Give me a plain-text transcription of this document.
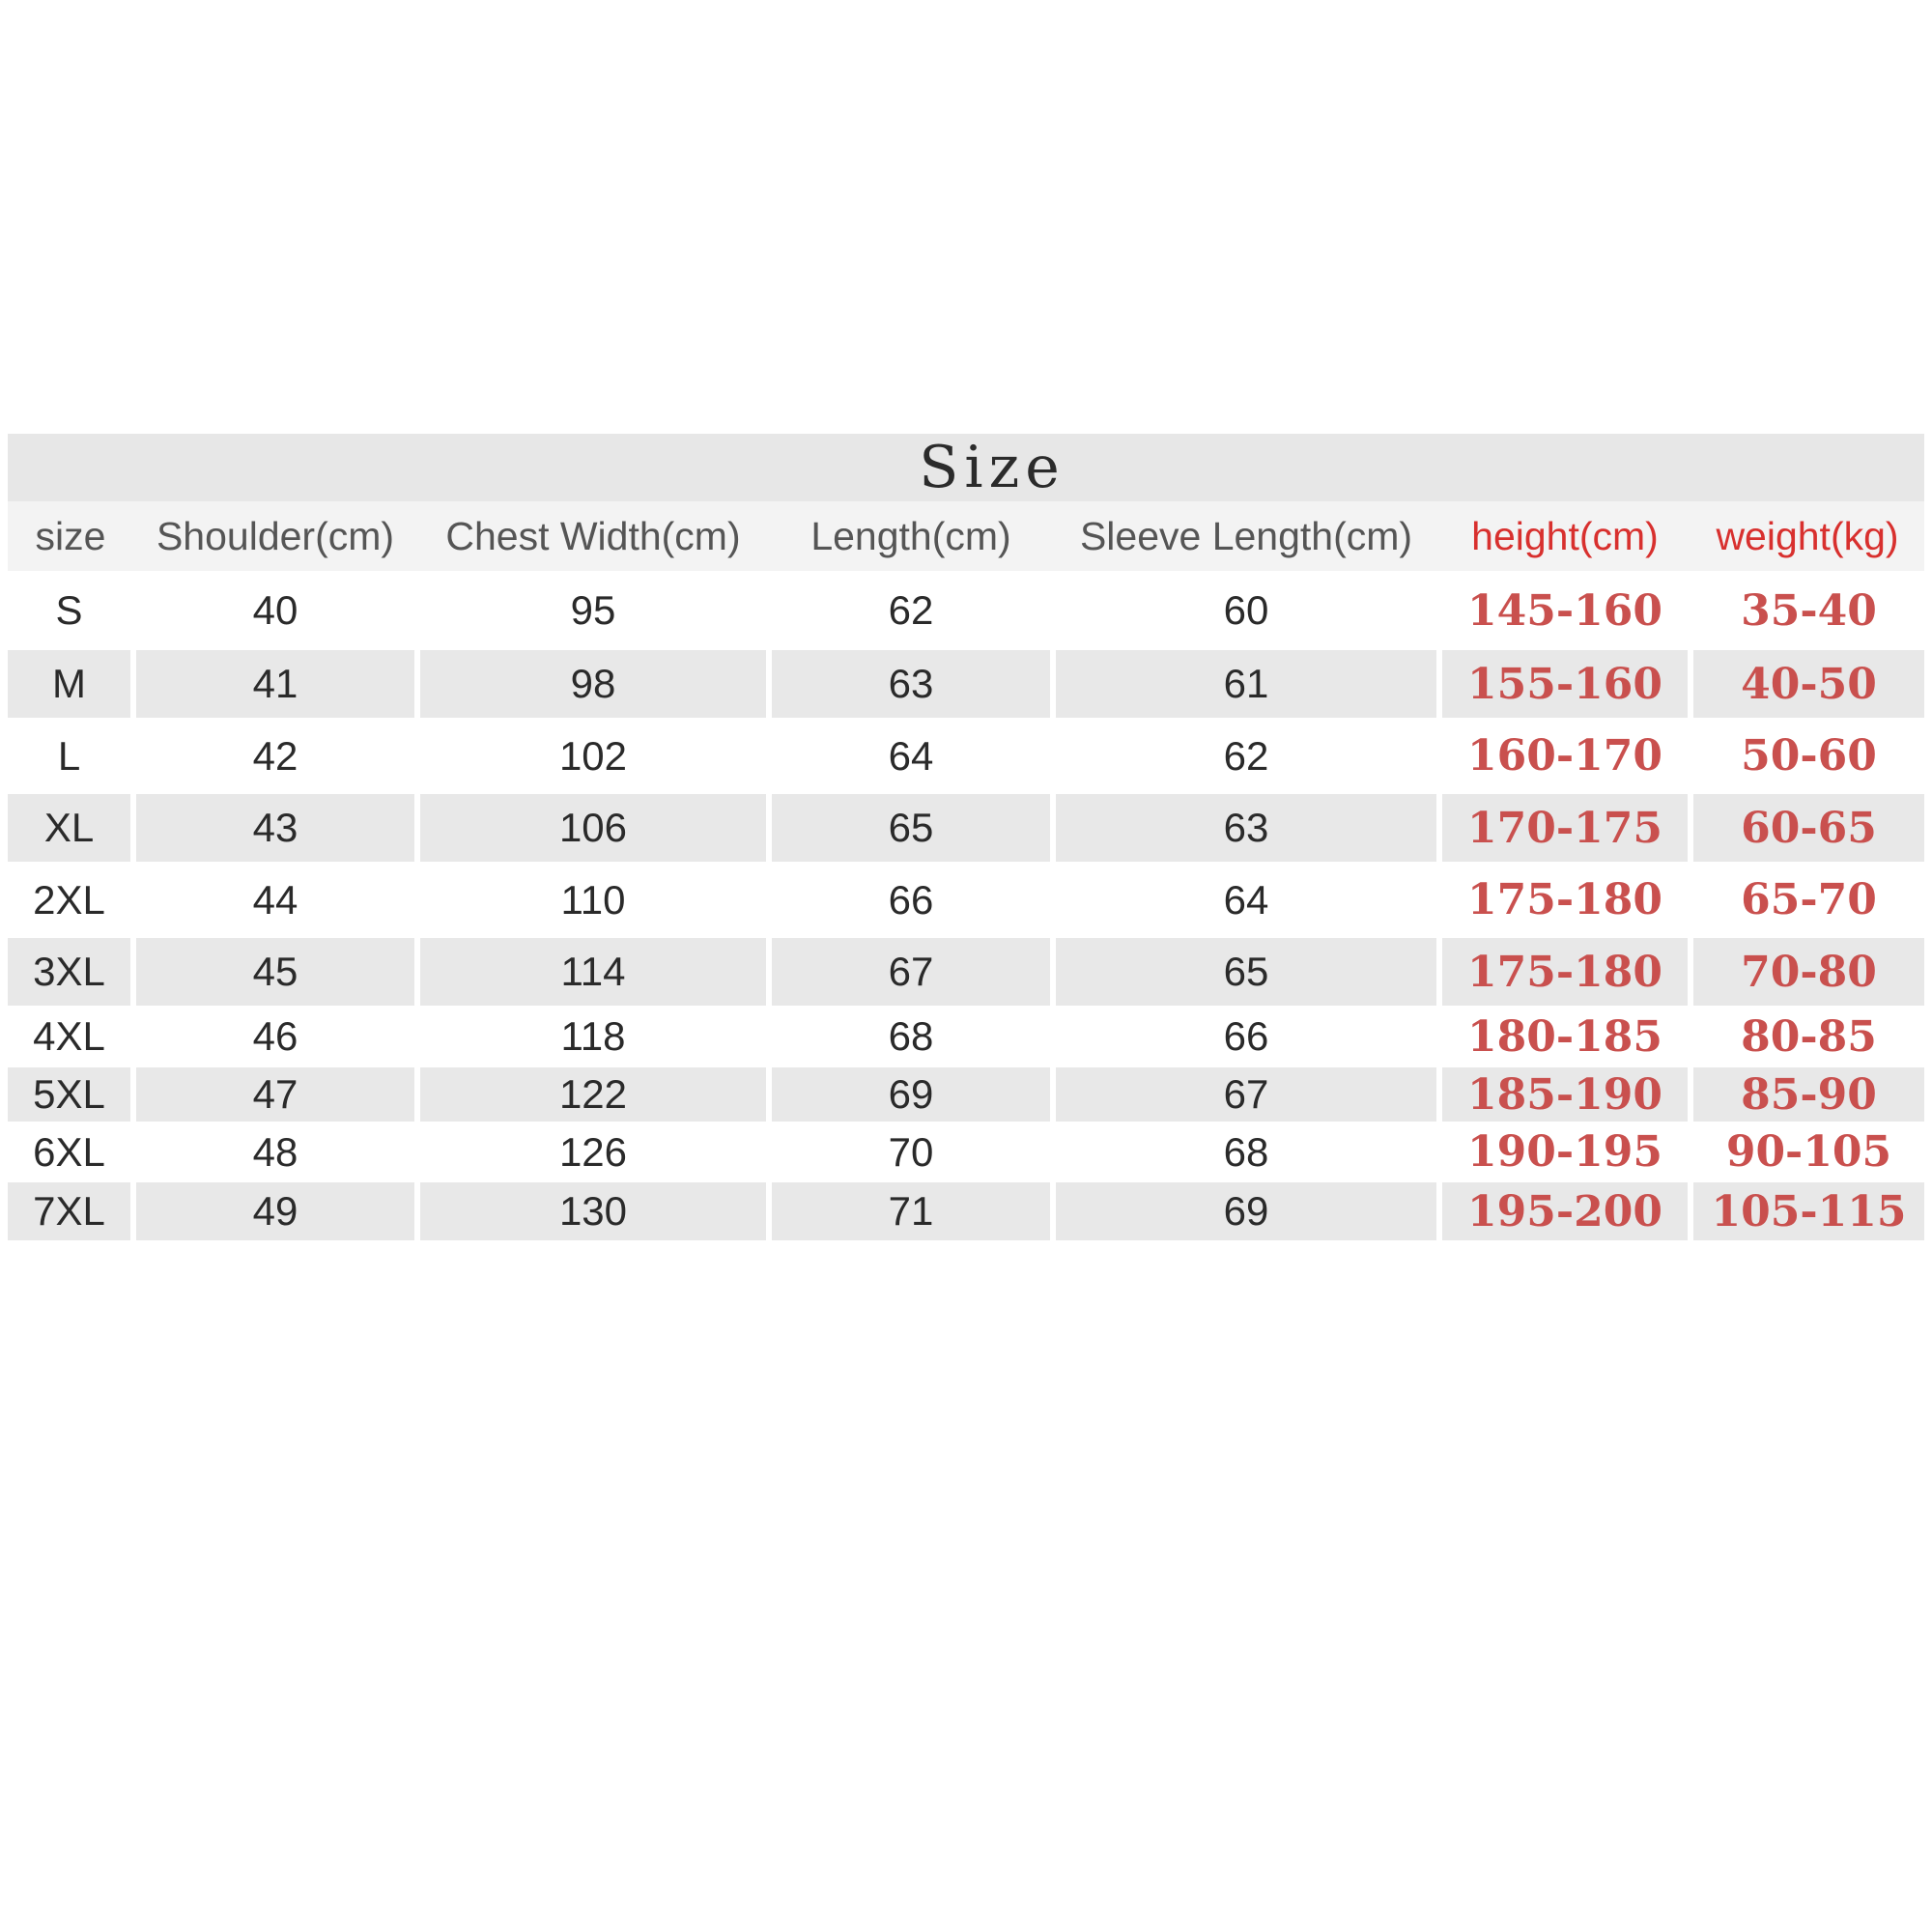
Size						
size	Shoulder(cm)	Chest Width(cm)	Length(cm)	Sleeve Length(cm)	height(cm)	weight(kg)
S	40	95	62	60	145-160	35-40
M	41	98	63	61	155-160	40-50
L	42	102	64	62	160-170	50-60
XL	43	106	65	63	170-175	60-65
2XL	44	110	66	64	175-180	65-70
3XL	45	114	67	65	175-180	70-80
4XL	46	118	68	66	180-185	80-85
5XL	47	122	69	67	185-190	85-90
6XL	48	126	70	68	190-195	90-105
7XL	49	130	71	69	195-200	105-115
